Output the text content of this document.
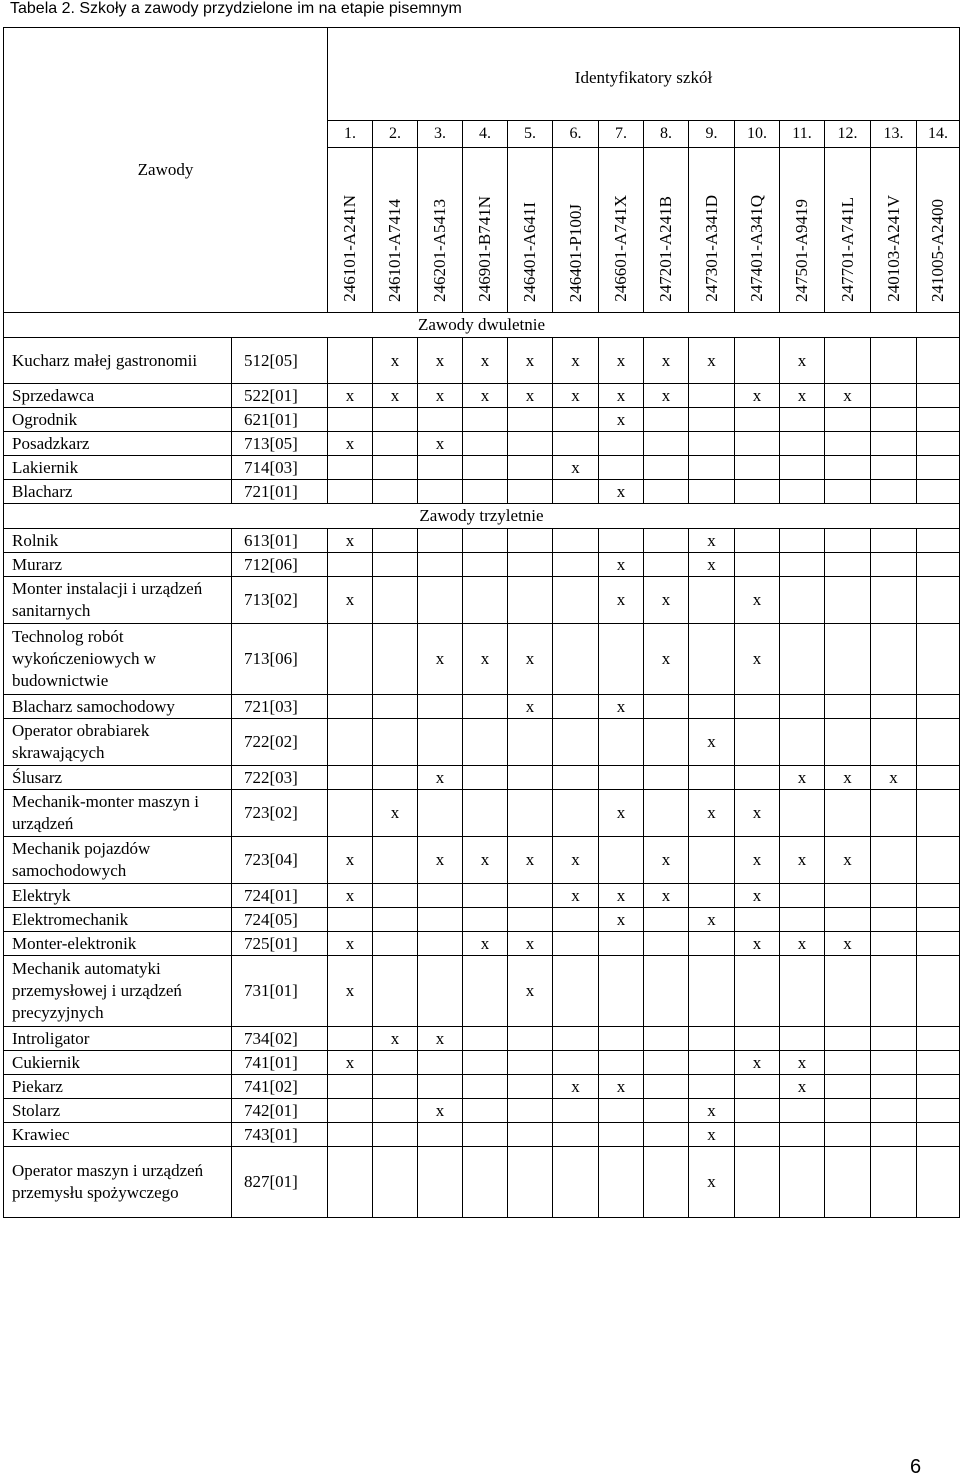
Tabela 2. Szkoły a zawody przydzielone im na etapie pisemnym
Zawody		Identyfikatory szkół													
		1.	2.	3.	4.	5.	6.	7.	8.	9.	10.	11.	12.	13.	14.
		246101-A241N	246101-A7414	246201-A5413	246901-B741N	246401-A641I	246401-P100J	246601-A741X	247201-A241B	247301-A341D	247401-A341Q	247501-A9419	247701-A741L	240103-A241V	241005-A2400
Zawody dwuletnie															
Kucharz małej gastronomii	512[05]		x	x	x	x	x	x	x	x		x			
Sprzedawca	522[01]	x	x	x	x	x	x	x	x		x	x	x		
Ogrodnik	621[01]							x							
Posadzkarz	713[05]	x		x											
Lakiernik	714[03]						x								
Blacharz	721[01]							x							
Zawody trzyletnie															
Rolnik	613[01]	x								x					
Murarz	712[06]							x		x					
Monter instalacji i urządzeń sanitarnych	713[02]	x						x	x		x				
Technolog robót wykończeniowych w budownictwie	713[06]			x	x	x			x		x				
Blacharz samochodowy	721[03]					x		x							
Operator obrabiarek skrawających	722[02]									x					
Ślusarz	722[03]			x								x	x	x	
Mechanik-monter maszyn i urządzeń	723[02]		x					x		x	x				
Mechanik pojazdów samochodowych	723[04]	x		x	x	x	x		x		x	x	x		
Elektryk	724[01]	x					x	x	x		x				
Elektromechanik	724[05]							x		x					
Monter-elektronik	725[01]	x			x	x					x	x	x		
Mechanik automatyki przemysłowej i urządzeń precyzyjnych	731[01]	x				x									
Introligator	734[02]		x	x											
Cukiernik	741[01]	x									x	x			
Piekarz	741[02]						x	x				x			
Stolarz	742[01]			x						x					
Krawiec	743[01]									x					
Operator maszyn i urządzeń przemysłu spożywczego	827[01]									x					
6
